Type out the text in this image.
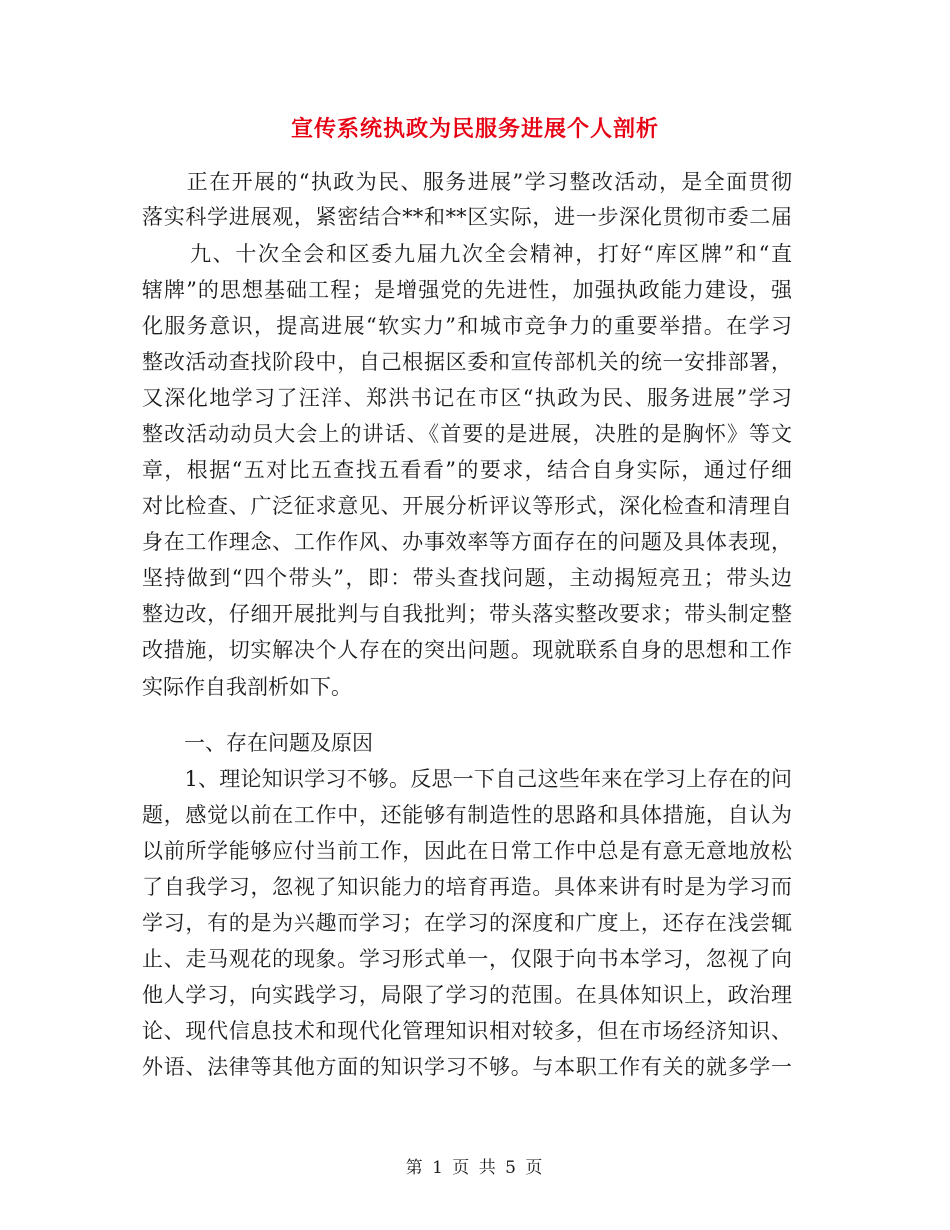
宣传系统执政为民服务进展个人剖析
　　正在开展的“执政为民、服务进展”学习整改活动，是全面贯彻
落实科学进展观，紧密结合**和**区实际，进一步深化贯彻市委二届
九、十次全会和区委九届九次全会精神，打好“库区牌”和“直
辖牌”的思想基础工程；是增强党的先进性，加强执政能力建设，强
化服务意识，提高进展“软实力”和城市竞争力的重要举措。在学习
整改活动查找阶段中，自己根据区委和宣传部机关的统一安排部署，
又深化地学习了汪洋、郑洪书记在市区“执政为民、服务进展”学习
整改活动动员大会上的讲话、《首要的是进展，决胜的是胸怀》等文
章，根据“五对比五查找五看看”的要求，结合自身实际，通过仔细
对比检查、广泛征求意见、开展分析评议等形式，深化检查和清理自
身在工作理念、工作作风、办事效率等方面存在的问题及具体表现，
坚持做到“四个带头”，即：带头查找问题，主动揭短亮丑；带头边
整边改，仔细开展批判与自我批判；带头落实整改要求；带头制定整
改措施，切实解决个人存在的突出问题。现就联系自身的思想和工作
实际作自我剖析如下。
　　一、存在问题及原因
　　1、理论知识学习不够。反思一下自己这些年来在学习上存在的问
题，感觉以前在工作中，还能够有制造性的思路和具体措施，自认为
以前所学能够应付当前工作，因此在日常工作中总是有意无意地放松
了自我学习，忽视了知识能力的培育再造。具体来讲有时是为学习而
学习，有的是为兴趣而学习；在学习的深度和广度上，还存在浅尝辄
止、走马观花的现象。学习形式单一，仅限于向书本学习，忽视了向
他人学习，向实践学习，局限了学习的范围。在具体知识上，政治理
论、现代信息技术和现代化管理知识相对较多，但在市场经济知识、
外语、法律等其他方面的知识学习不够。与本职工作有关的就多学一
第 1 页 共 5 页
